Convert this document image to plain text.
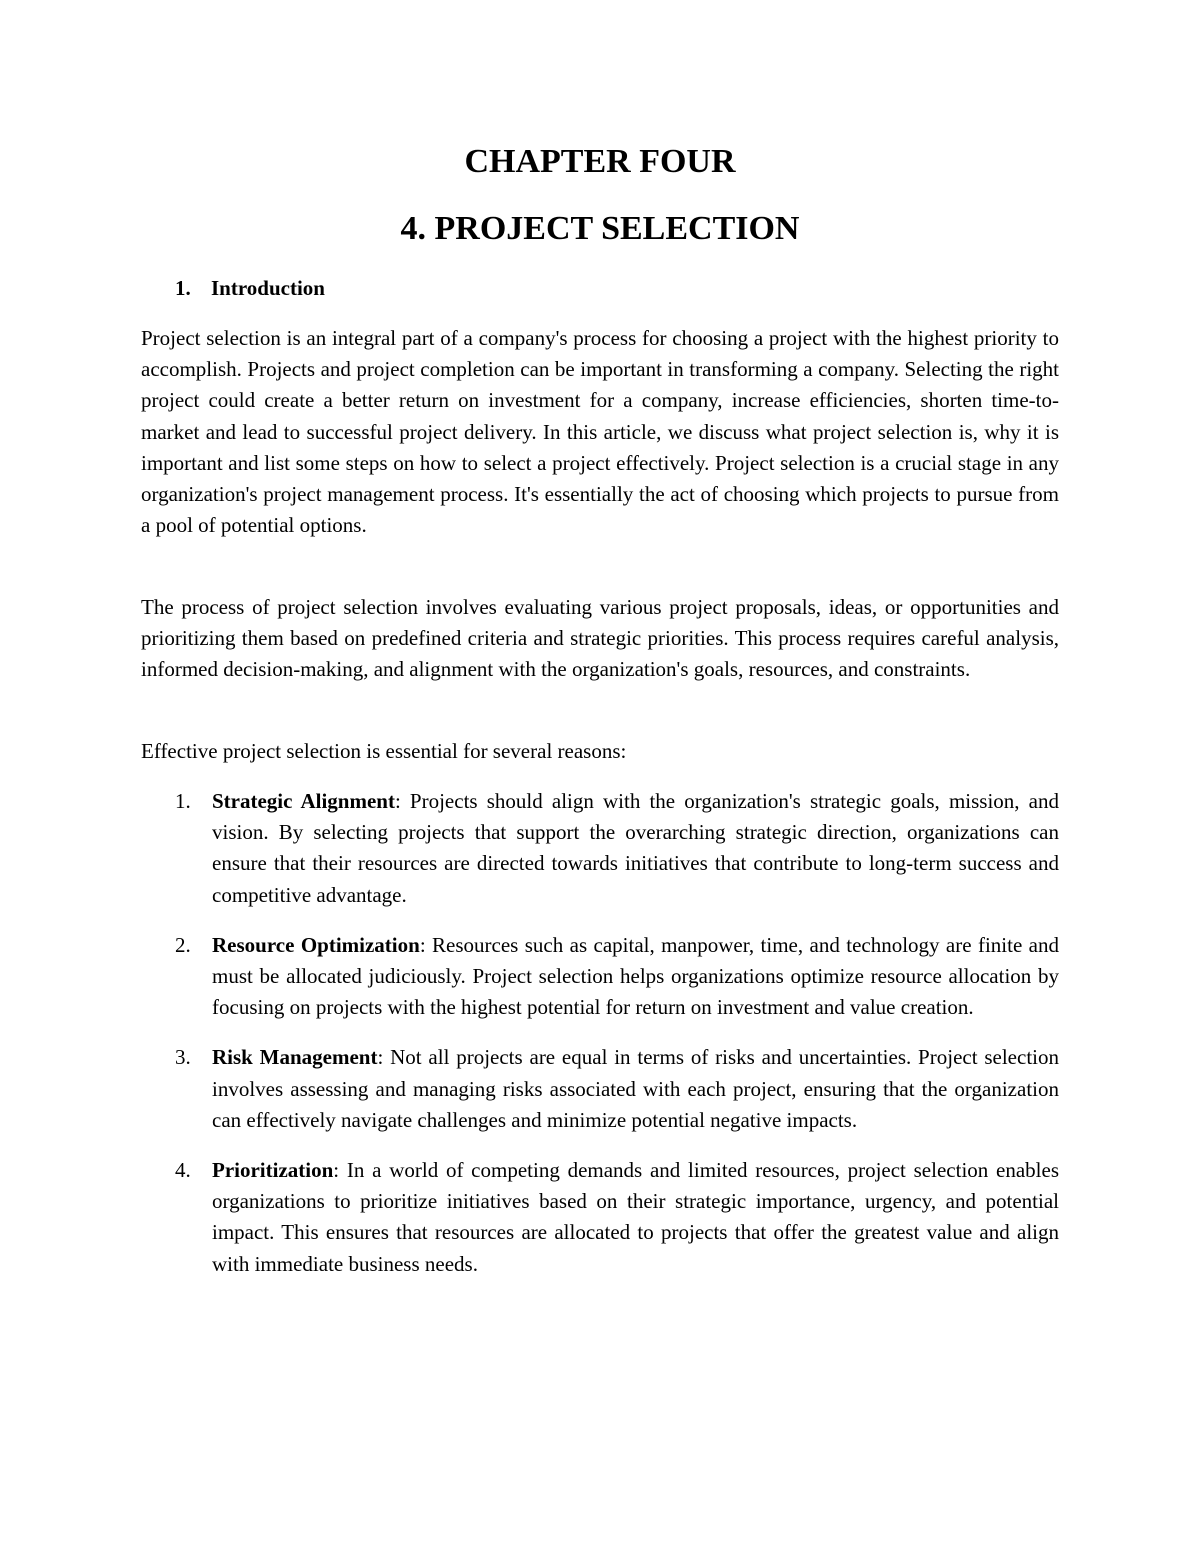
CHAPTER FOUR
4. PROJECT SELECTION
1. Introduction

Project selection is an integral part of a company's process for choosing a project with the highest priority to accomplish. Projects and project completion can be important in transforming a company. Selecting the right project could create a better return on investment for a company, increase efficiencies, shorten time-to-market and lead to successful project delivery. In this article, we discuss what project selection is, why it is important and list some steps on how to select a project effectively. Project selection is a crucial stage in any organization's project management process. It's essentially the act of choosing which projects to pursue from a pool of potential options.

The process of project selection involves evaluating various project proposals, ideas, or opportunities and prioritizing them based on predefined criteria and strategic priorities. This process requires careful analysis, informed decision-making, and alignment with the organization's goals, resources, and constraints.

Effective project selection is essential for several reasons:

1. Strategic Alignment: Projects should align with the organization's strategic goals, mission, and vision. By selecting projects that support the overarching strategic direction, organizations can ensure that their resources are directed towards initiatives that contribute to long-term success and competitive advantage.
2. Resource Optimization: Resources such as capital, manpower, time, and technology are finite and must be allocated judiciously. Project selection helps organizations optimize resource allocation by focusing on projects with the highest potential for return on investment and value creation.
3. Risk Management: Not all projects are equal in terms of risks and uncertainties. Project selection involves assessing and managing risks associated with each project, ensuring that the organization can effectively navigate challenges and minimize potential negative impacts.
4. Prioritization: In a world of competing demands and limited resources, project selection enables organizations to prioritize initiatives based on their strategic importance, urgency, and potential impact. This ensures that resources are allocated to projects that offer the greatest value and align with immediate business needs.
